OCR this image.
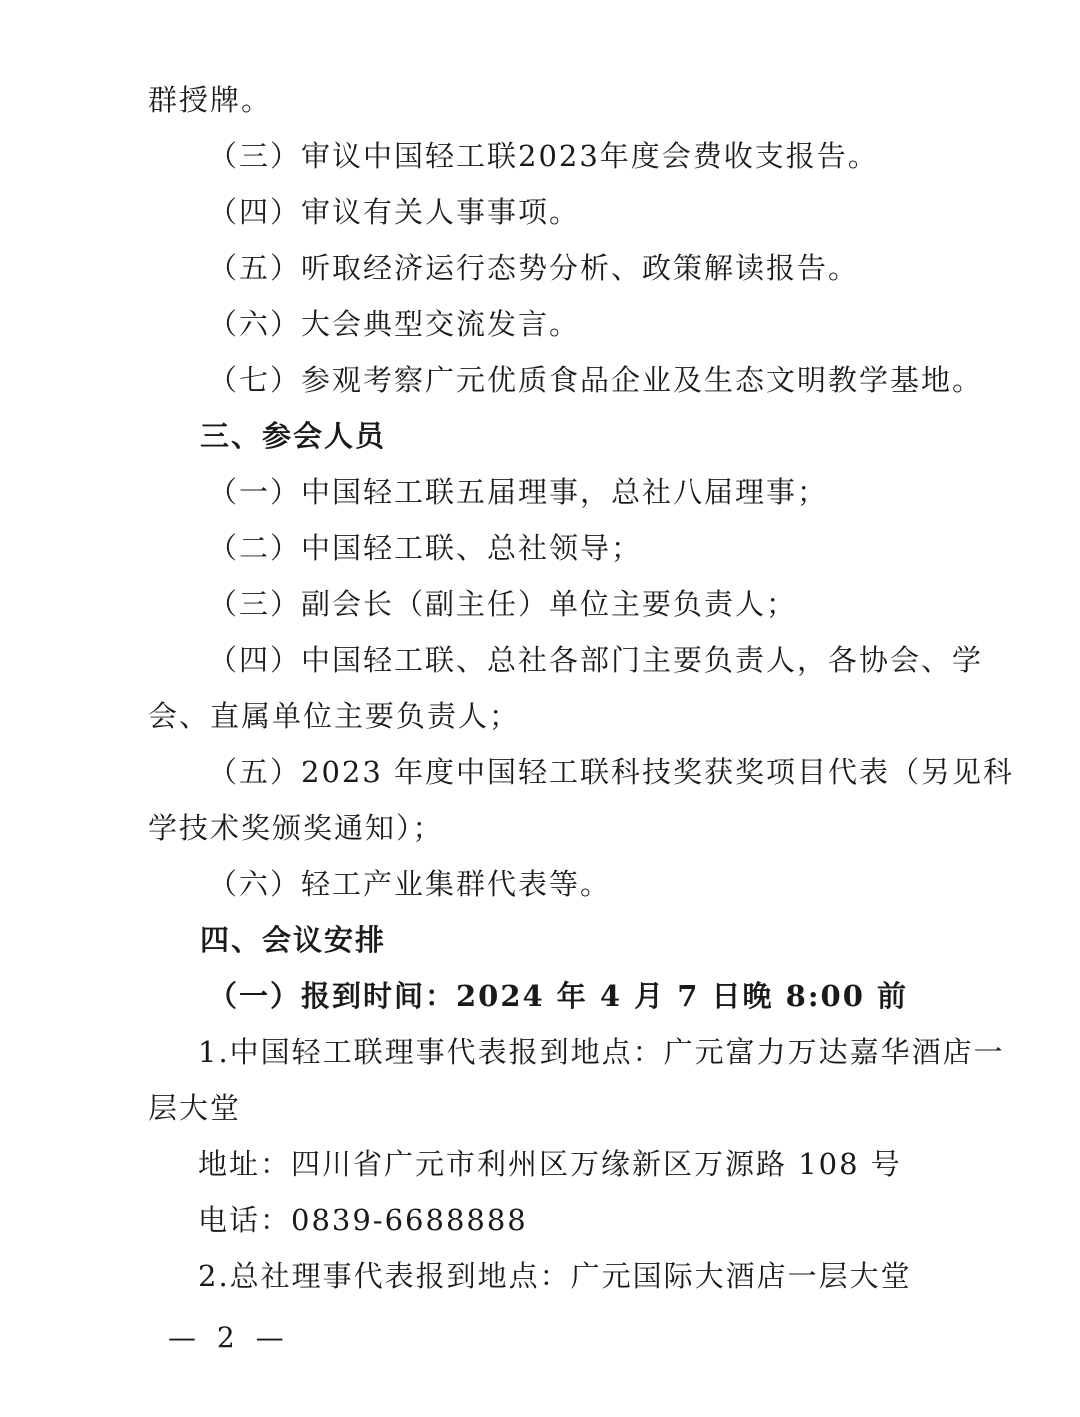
群授牌。
（三）审议中国轻工联2023年度会费收支报告。
（四）审议有关人事事项。
（五）听取经济运行态势分析、政策解读报告。
（六）大会典型交流发言。
（七）参观考察广元优质食品企业及生态文明教学基地。
三、参会人员
（一）中国轻工联五届理事，总社八届理事；
（二）中国轻工联、总社领导；
（三）副会长（副主任）单位主要负责人；
（四）中国轻工联、总社各部门主要负责人，各协会、学
会、直属单位主要负责人；
（五）2023 年度中国轻工联科技奖获奖项目代表（另见科
学技术奖颁奖通知）；
（六）轻工产业集群代表等。
四、会议安排
（一）报到时间：2024 年 4 月 7 日晚 8:00 前
1.中国轻工联理事代表报到地点：广元富力万达嘉华酒店一
层大堂
地址：四川省广元市利州区万缘新区万源路 108 号
电话：0839-6688888
2.总社理事代表报到地点：广元国际大酒店一层大堂
— 2 —
